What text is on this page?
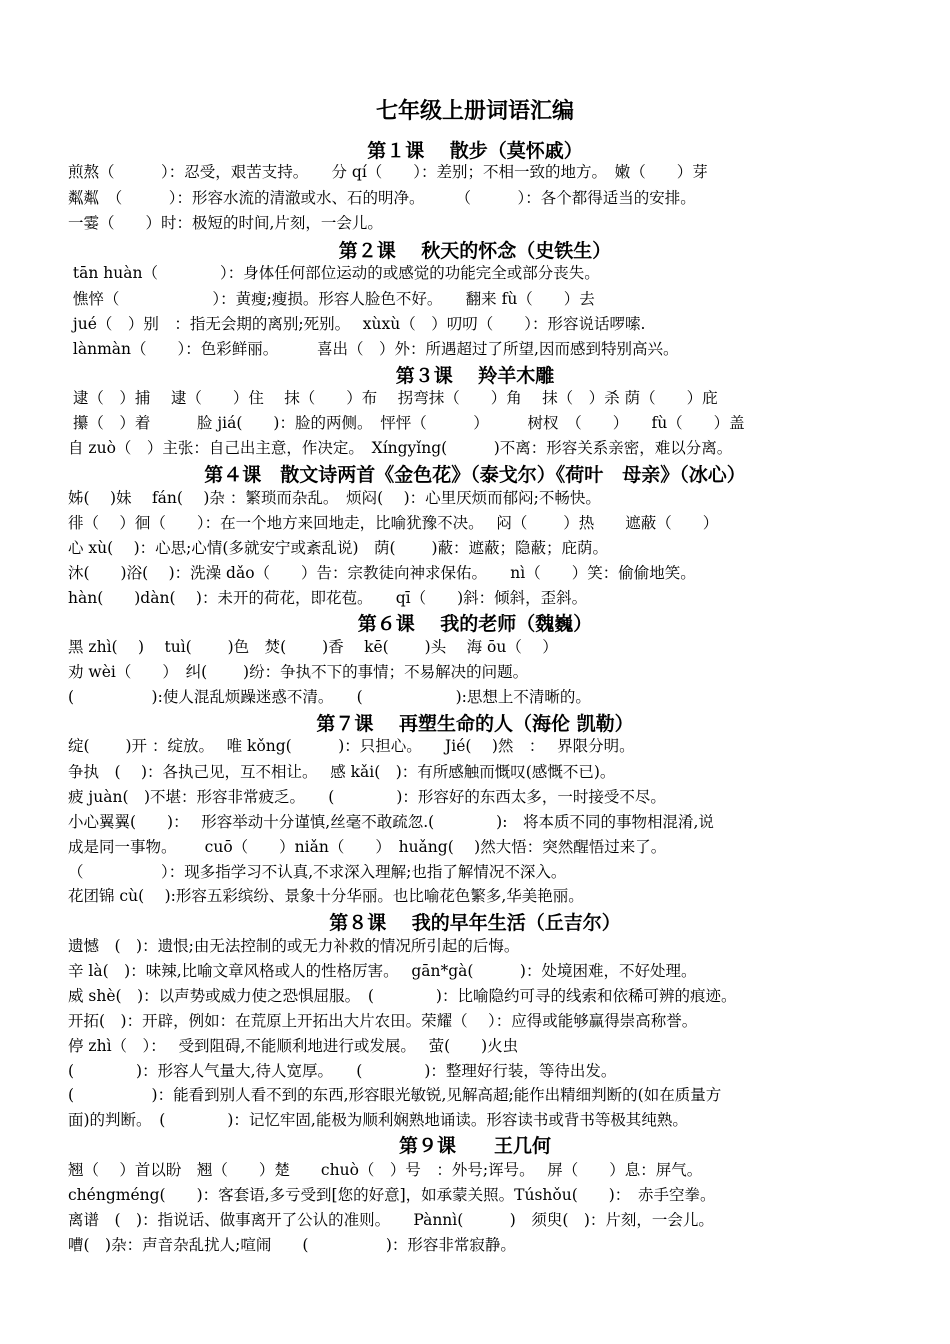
七年级上册词语汇编
第１课　 散步（莫怀戚）
煎熬（　　　）：忍受，艰苦支持。　　分 qí（　　）：差别；不相一致的地方。　嫩（　　）芽
粼粼　（　　　）：形容水流的清澈或水、石的明净。　　　（　　　）：各个都得适当的安排。
一霎（　　）时：极短的时间,片刻，一会儿。
第２课　 秋天的怀念（史铁生）
tān huàn（　　　　）：身体任何部位运动的或感觉的功能完全或部分丧失。
憔悴（　　　　　　）：黄瘦;瘦损。形容人脸色不好。　　翻来 fù（　　）去
jué（　）别　：指无会期的离别;死别。　 xùxù（　）叨叨（　　）：形容说话啰嗦.
lànmàn（　　）：色彩鲜丽。　　　喜出（　）外：所遇超过了所望,因而感到特别高兴。
第３课　 羚羊木雕
逮（　）捕　 逮（　　）住　 抹（　　）布　 拐弯抹（　　）角　 抹（　）杀 荫（　　）庇
攥（　）着　　　脸 jiá(　　)：脸的两侧。　怦怦（　　　）　　　树杈　（　　）　　fù（　　）盖
自 zuò（　）主张：自己出主意，作决定。　Xíngyǐng(　　　)不离：形容关系亲密，难以分离。
第４课　散文诗两首《金色花》（泰戈尔）《荷叶　母亲》（冰心）
姊(　 )妹　 fán(　 )杂 ：繁琐而杂乱。　烦闷(　 )：心里厌烦而郁闷;不畅快。
徘（　 ）徊（　　）：在一个地方来回地走，比喻犹豫不决。　 闷（　　 ）热　　遮蔽（　　）
心 xù(　 )：心思;心情(多就安宁或紊乱说)　荫(　　 )蔽：遮蔽；隐蔽；庇荫。
沐(　　)浴(　 )：洗澡 dǎo（　　）告：宗教徒向神求保佑。　　nì（　　）笑：偷偷地笑。
hàn(　　)dàn(　 )：未开的荷花，即花苞。　　qī（　　)斜：倾斜，歪斜。
第６课　 我的老师（魏巍）
黑 zhì(　 )　 tuì(　　 )色　焚(　　 )香　 kē(　　 )头　 海 ōu（　 ）
劝 wèi（　　）　纠(　　 )纷：争执不下的事情；不易解决的问题。
(　　　　　):使人混乱烦躁迷惑不清。　　(　　　　　　):思想上不清晰的。
第７课　 再塑生命的人（海伦 凯勒）
绽(　　 )开 ：绽放。　 唯 kǒng(　　　)：只担心。　　Jié(　 )然　：　 界限分明。
争执　(　 )：各执己见，互不相让。　 感 kǎi(　)：有所感触而慨叹(感慨不已)。
疲 juàn(　)不堪：形容非常疲乏。　　(　　　　)：形容好的东西太多，一时接受不尽。
小心翼翼(　　)：　 形容举动十分谨慎,丝毫不敢疏忽.(　　　　):　将本质不同的事物相混淆,说
成是同一事物。　　 cuō（　　）niǎn（　　）　huǎng(　 )然大悟：突然醒悟过来了。
（　　　　　）：现多指学习不认真,不求深入理解;也指了解情况不深入。
花团锦 cù(　 ):形容五彩缤纷、景象十分华丽。也比喻花色繁多,华美艳丽。
第８课　 我的早年生活（丘吉尔）
遗憾　(　)：遗恨;由无法控制的或无力补救的情况所引起的后悔。
辛 là(　)：味辣,比喻文章风格或人的性格厉害。　 gān*gà(　　　)：处境困难，不好处理。
威 shè(　)：以声势或威力使之恐惧屈服。　(　　　　)：比喻隐约可寻的线索和依稀可辨的痕迹。
开拓(　)：开辟，例如：在荒原上开拓出大片农田。荣耀（　 ）：应得或能够赢得崇高称誉。
停 zhì（　）：　 受到阻碍,不能顺利地进行或发展。　 萤(　　)火虫
(　　　　)：形容人气量大,待人宽厚。　　(　　　　)：整理好行装，等待出发。
(　　　　　)：能看到别人看不到的东西,形容眼光敏锐,见解高超;能作出精细判断的(如在质量方
面)的判断。　(　　　　)：记忆牢固,能极为顺利娴熟地诵读。形容读书或背书等极其纯熟。
第９课　　王几何
翘（　 ）首以盼　翘（　　）楚　　chuò（　）号　：外号;诨号。　 屏（　　）息：屏气。
chéngméng(　　)：客套语,多亏受到[您的好意]，如承蒙关照。Túshǒu(　　)：　赤手空拳。
离谱　(　)：指说话、做事离开了公认的准则。　　Pànnì(　　　)　须臾(　)：片刻，一会儿。
嘈(　)杂：声音杂乱扰人;喧闹　　(　　　　　)：形容非常寂静。
